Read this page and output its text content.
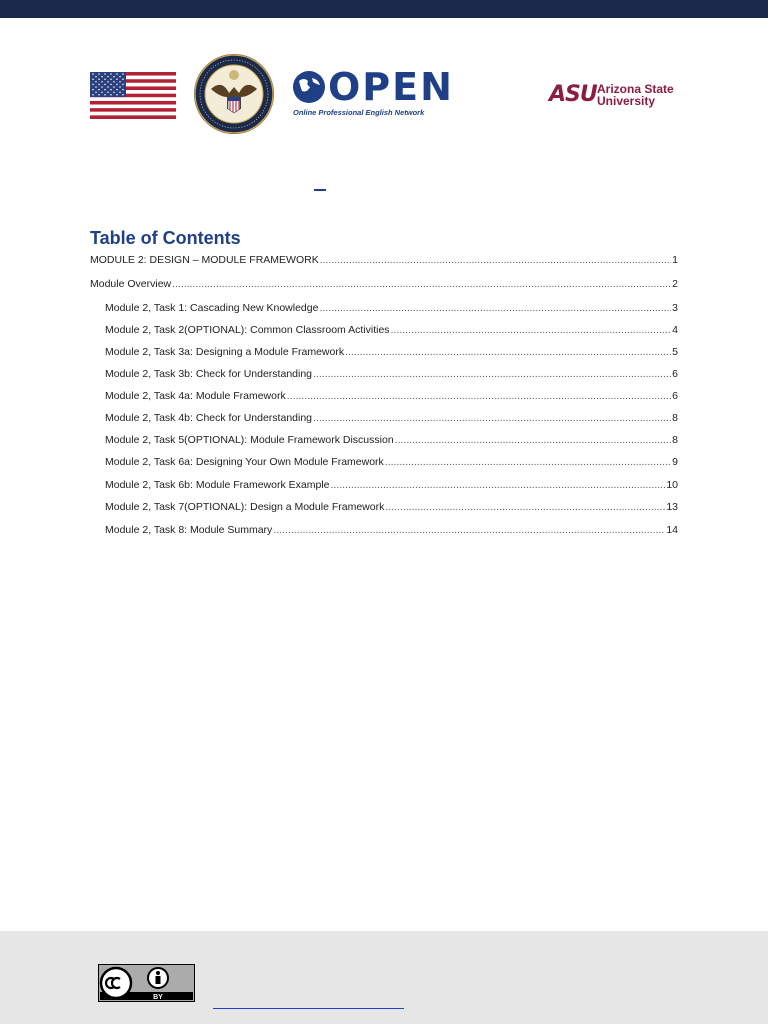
OPEN
Online Professional English Network
ASU Arizona State
University
Table of Contents
MODULE 2: DESIGN – MODULE FRAMEWORK .....	1
Module Overview .....	2
Module 2, Task 1: Cascading New Knowledge .....	3
Module 2, Task 2(OPTIONAL): Common Classroom Activities .....	4
Module 2, Task 3a: Designing a Module Framework .....	5
Module 2, Task 3b: Check for Understanding .....	6
Module 2, Task 4a: Module Framework .....	6
Module 2, Task 4b: Check for Understanding .....	8
Module 2, Task 5(OPTIONAL): Module Framework Discussion .....	8
Module 2, Task 6a: Designing Your Own Module Framework .....	9
Module 2, Task 6b: Module Framework Example .....	10
Module 2, Task 7(OPTIONAL): Design a Module Framework .....	13
Module 2, Task 8: Module Summary .....	14
BY
